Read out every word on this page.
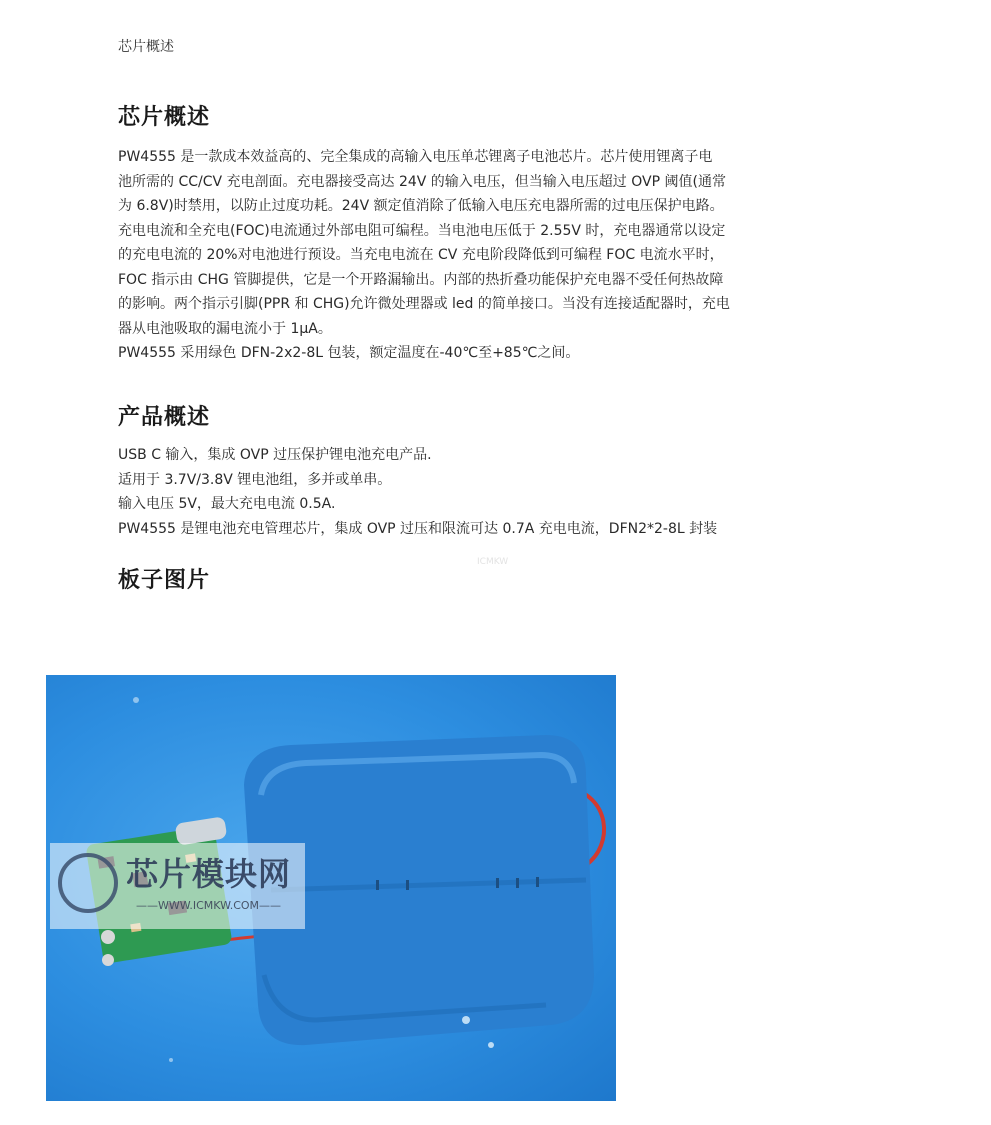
芯片概述
芯片概述
PW4555 是一款成本效益高的、完全集成的高输入电压单芯锂离子电池芯片。芯片使用锂离子电
池所需的 CC/CV 充电剖面。充电器接受高达 24V 的输入电压，但当输入电压超过 OVP 阈值(通常
为 6.8V)时禁用，以防止过度功耗。24V 额定值消除了低输入电压充电器所需的过电压保护电路。
充电电流和全充电(FOC)电流通过外部电阻可编程。当电池电压低于 2.55V 时，充电器通常以设定
的充电电流的 20%对电池进行预设。当充电电流在 CV 充电阶段降低到可编程 FOC 电流水平时，
FOC 指示由 CHG 管脚提供，它是一个开路漏输出。内部的热折叠功能保护充电器不受任何热故障
的影响。两个指示引脚(PPR 和 CHG)允许微处理器或 led 的简单接口。当没有连接适配器时，充电
器从电池吸取的漏电流小于 1μA。
PW4555 采用绿色 DFN-2x2-8L 包装，额定温度在-40℃至+85℃之间。
产品概述
USB C 输入，集成 OVP 过压保护锂电池充电产品.
适用于 3.7V/3.8V 锂电池组，多并或单串。
输入电压 5V，最大充电电流 0.5A.
PW4555 是锂电池充电管理芯片，集成 OVP 过压和限流可达 0.7A 充电电流，DFN2*2-8L 封装
板子图片
ICMKW
芯片模块网
——WWW.ICMKW.COM——
